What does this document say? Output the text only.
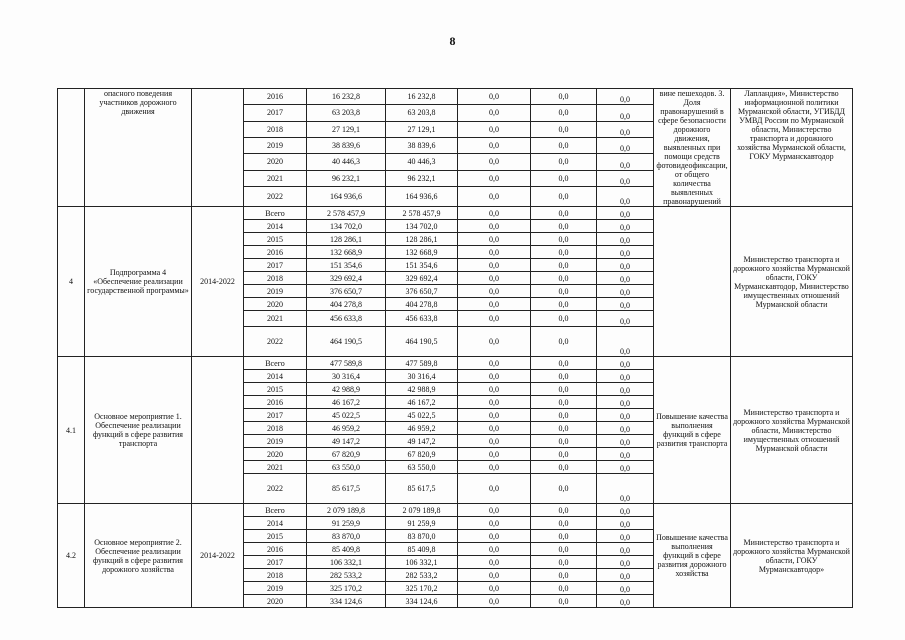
8
	опасного поведения участников дорожного движения		2016	16 232,8	16 232,8	0,0	0,0	0,0	вине пешеходов. 3. Доля правонарушений в сфере безопасности дорожного движения, выявленных при помощи средств фотовидеофиксации, от общего количества выявленных правонарушений	Лапландия», Министерство информационной политики Мурманской области, УГИБДД УМВД России по Мурманской области, Министерство транспорта и дорожного хозяйства Мурманской области, ГОКУ Мурманскавтодор
			2017	63 203,8	63 203,8	0,0	0,0	0,0		
			2018	27 129,1	27 129,1	0,0	0,0	0,0		
			2019	38 839,6	38 839,6	0,0	0,0	0,0		
			2020	40 446,3	40 446,3	0,0	0,0	0,0		
			2021	96 232,1	96 232,1	0,0	0,0	0,0		
			2022	164 936,6	164 936,6	0,0	0,0	0,0		
4	Подпрограмма 4 «Обеспечение реализации государственной программы»	2014-2022	Всего	2 578 457,9	2 578 457,9	0,0	0,0	0,0		Министерство транспорта и дорожного хозяйства Мурманской области, ГОКУ Мурманскавтодор, Министерство имущественных отношений Мурманской области
			2014	134 702,0	134 702,0	0,0	0,0	0,0		
			2015	128 286,1	128 286,1	0,0	0,0	0,0		
			2016	132 668,9	132 668,9	0,0	0,0	0,0		
			2017	151 354,6	151 354,6	0,0	0,0	0,0		
			2018	329 692,4	329 692,4	0,0	0,0	0,0		
			2019	376 650,7	376 650,7	0,0	0,0	0,0		
			2020	404 278,8	404 278,8	0,0	0,0	0,0		
			2021	456 633,8	456 633,8	0,0	0,0	0,0		
			2022	464 190,5	464 190,5	0,0	0,0	0,0		
4.1	Основное мероприятие 1. Обеспечение реализации функций в сфере развития транспорта		Всего	477 589,8	477 589,8	0,0	0,0	0,0	Повышение качества выполнения функций в сфере развития транспорта	Министерство транспорта и дорожного хозяйства Мурманской области, Министерство имущественных отношений Мурманской области
			2014	30 316,4	30 316,4	0,0	0,0	0,0		
			2015	42 988,9	42 988,9	0,0	0,0	0,0		
			2016	46 167,2	46 167,2	0,0	0,0	0,0		
			2017	45 022,5	45 022,5	0,0	0,0	0,0		
			2018	46 959,2	46 959,2	0,0	0,0	0,0		
			2019	49 147,2	49 147,2	0,0	0,0	0,0		
			2020	67 820,9	67 820,9	0,0	0,0	0,0		
			2021	63 550,0	63 550,0	0,0	0,0	0,0		
			2022	85 617,5	85 617,5	0,0	0,0	0,0		
4.2	Основное мероприятие 2. Обеспечение реализации функций в сфере развития дорожного хозяйства	2014-2022	Всего	2 079 189,8	2 079 189,8	0,0	0,0	0,0	Повышение качества выполнения функций в сфере развития дорожного хозяйства	Министерство транспорта и дорожного хозяйства Мурманской области, ГОКУ Мурманскавтодор»
			2014	91 259,9	91 259,9	0,0	0,0	0,0		
			2015	83 870,0	83 870,0	0,0	0,0	0,0		
			2016	85 409,8	85 409,8	0,0	0,0	0,0		
			2017	106 332,1	106 332,1	0,0	0,0	0,0		
			2018	282 533,2	282 533,2	0,0	0,0	0,0		
			2019	325 170,2	325 170,2	0,0	0,0	0,0		
			2020	334 124,6	334 124,6	0,0	0,0	0,0		
